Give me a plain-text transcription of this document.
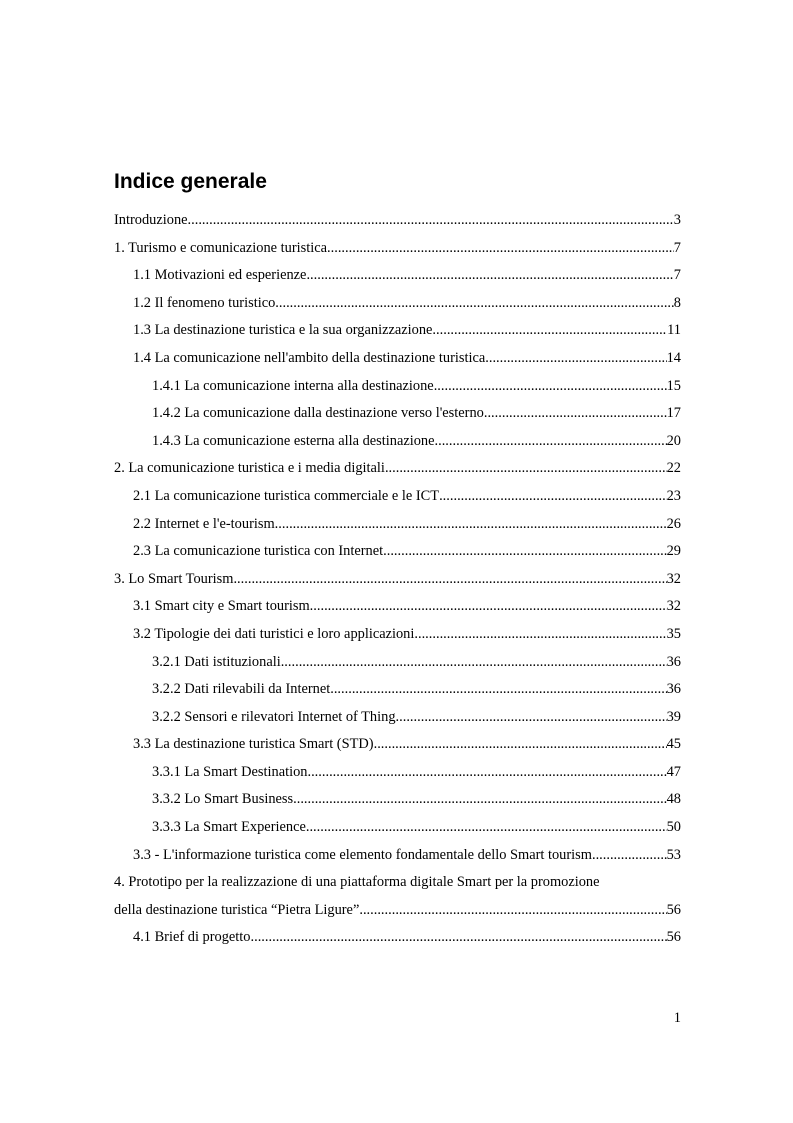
Indice generale
Introduzione .....	3
1. Turismo e comunicazione turistica .....	7
1.1 Motivazioni ed esperienze .....	7
1.2 Il fenomeno turistico .....	8
1.3 La destinazione turistica e la sua organizzazione .....	11
1.4 La comunicazione nell'ambito della destinazione turistica .....	14
1.4.1 La comunicazione interna alla destinazione .....	15
1.4.2 La comunicazione dalla destinazione verso l'esterno .....	17
1.4.3 La comunicazione esterna alla destinazione .....	20
2. La comunicazione turistica e i media digitali .....	22
2.1 La comunicazione turistica commerciale e le ICT .....	23
2.2 Internet e l'e-tourism .....	26
2.3 La comunicazione turistica con Internet .....	29
3. Lo Smart Tourism .....	32
3.1 Smart city e Smart tourism .....	32
3.2 Tipologie dei dati turistici e loro applicazioni .....	35
3.2.1 Dati istituzionali .....	36
3.2.2 Dati rilevabili da Internet .....	36
3.2.2 Sensori e rilevatori Internet of Thing .....	39
3.3 La destinazione turistica Smart (STD) .....	45
3.3.1 La Smart Destination .....	47
3.3.2 Lo Smart Business .....	48
3.3.3 La Smart Experience .....	50
3.3 - L'informazione turistica come elemento fondamentale dello Smart tourism .....	53
4. Prototipo per la realizzazione di una piattaforma digitale Smart per la promozione
della destinazione turistica “Pietra Ligure” .....	56
4.1 Brief di progetto .....	56
1
